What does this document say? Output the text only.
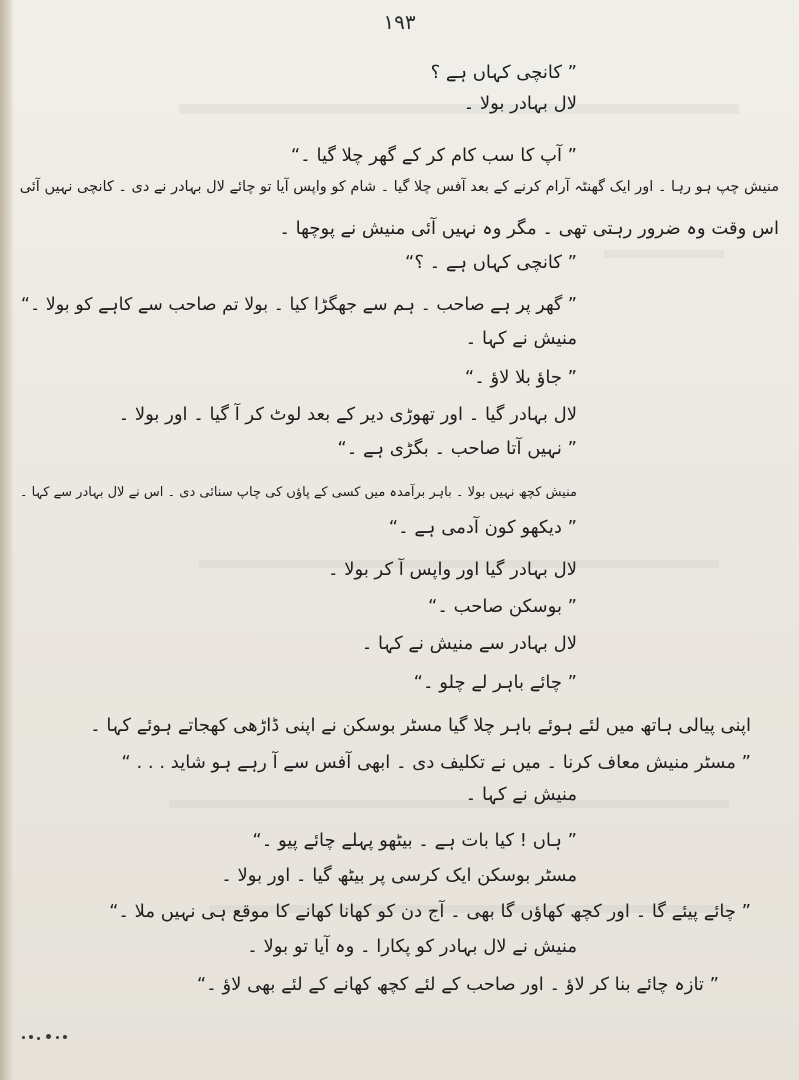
۱۹۳
” کانچی کہاں ہے ؟
لال بہادر بولا ۔
” آپ کا سب کام کر کے گھر چلا گیا ۔“
منیش چپ ہو رہا ۔ اور ایک گھنٹہ آرام کرنے کے بعد آفس چلا گیا ۔ شام کو واپس آیا تو چائے لال بہادر نے دی ۔ کانچی نہیں آئی
اس وقت وہ ضرور رہتی تھی ۔ مگر وہ نہیں آئی منیش نے پوچھا ۔
” کانچی کہاں ہے ۔ ؟“
” گھر پر ہے صاحب ۔ ہم سے جھگڑا کیا ۔ بولا تم صاحب سے کاہے کو بولا ۔“
منیش نے کہا ۔
” جاؤ بلا لاؤ ۔“
لال بہادر گیا ۔ اور تھوڑی دیر کے بعد لوٹ کر آ گیا ۔ اور بولا ۔
” نہیں آتا صاحب ۔ بگڑی ہے ۔“
منیش کچھ نہیں بولا ۔ باہر برآمدہ میں کسی کے پاؤں کی چاپ سنائی دی ۔ اس نے لال بہادر سے کہا ۔
” دیکھو کون آدمی ہے ۔“
لال بہادر گیا اور واپس آ کر بولا ۔
” بوسکن صاحب ۔“
لال بہادر سے منیش نے کہا ۔
” چائے باہر لے چلو ۔“
اپنی پیالی ہاتھ میں لئے ہوئے باہر چلا گیا مسٹر بوسکن نے اپنی ڈاڑھی کھجاتے ہوئے کہا ۔
” مسٹر منیش معاف کرنا ۔ میں نے تکلیف دی ۔ ابھی آفس سے آ رہے ہو شاید . . . “
منیش نے کہا ۔
” ہاں ! کیا بات ہے ۔ بیٹھو پہلے چائے پیو ۔“
مسٹر بوسکن ایک کرسی پر بیٹھ گیا ۔ اور بولا ۔
” چائے پیئے گا ۔ اور کچھ کھاؤں گا بھی ۔ آج دن کو کھانا کھانے کا موقع ہی نہیں ملا ۔“
منیش نے لال بہادر کو پکارا ۔ وہ آیا تو بولا ۔
” تازہ چائے بنا کر لاؤ ۔ اور صاحب کے لئے کچھ کھانے کے لئے بھی لاؤ ۔“
